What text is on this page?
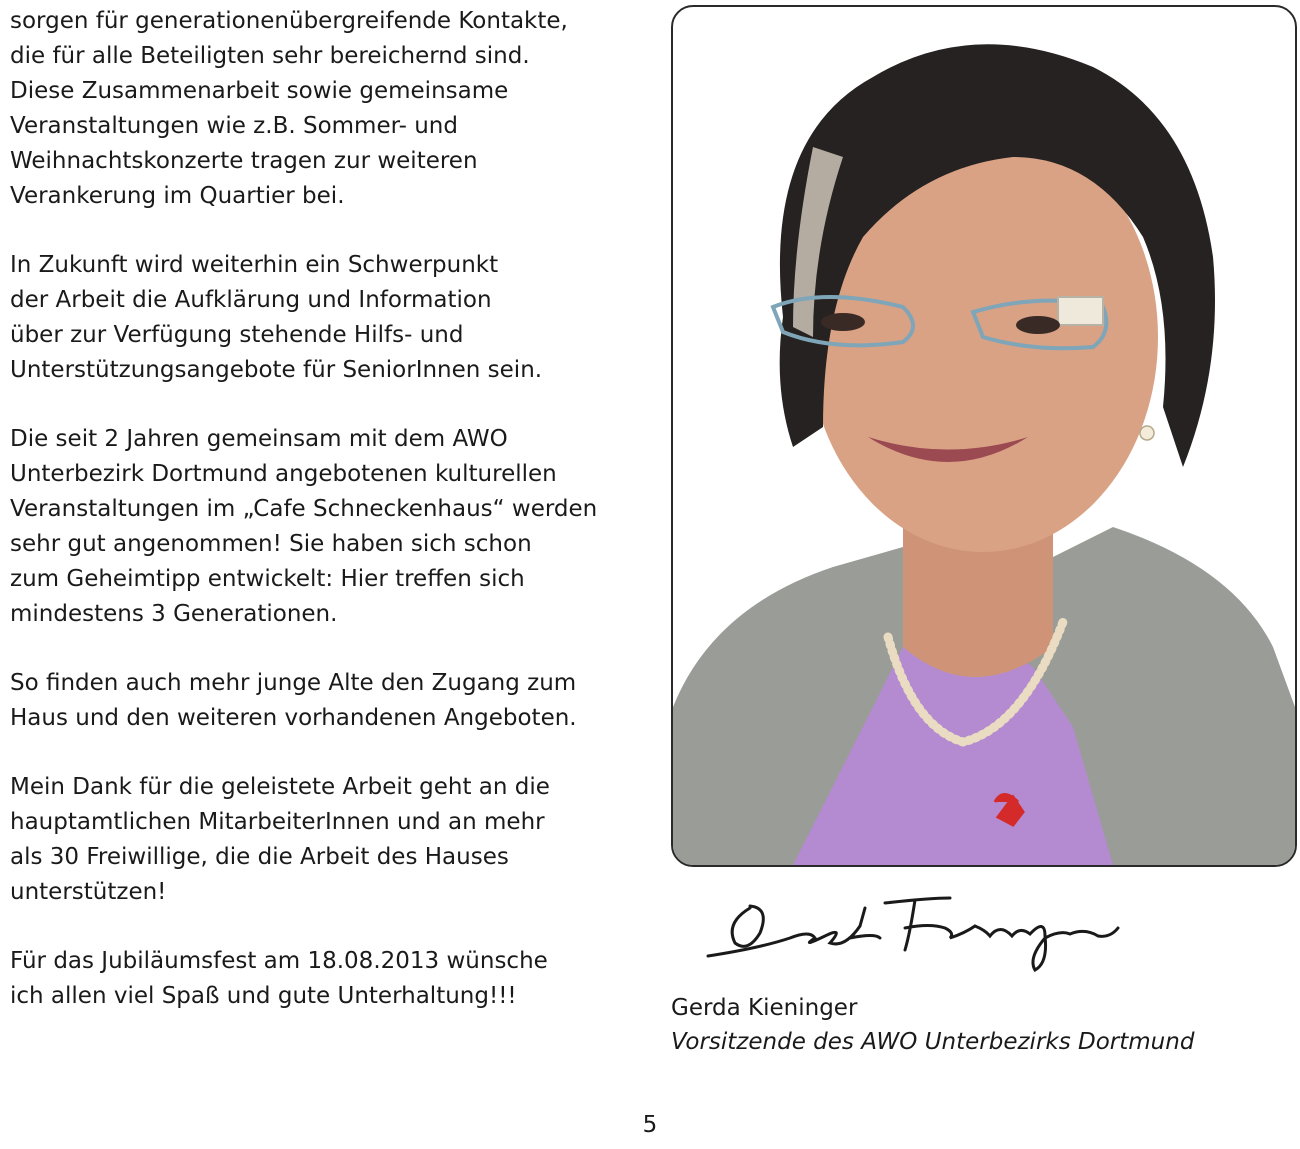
sorgen für generationenübergreifende Kontakte,
die für alle Beteiligten sehr bereichernd sind.
Diese Zusammenarbeit sowie gemeinsame
Veranstaltungen wie z.B. Sommer- und
Weihnachtskonzerte tragen zur weiteren
Verankerung im Quartier bei.
In Zukunft wird weiterhin ein Schwerpunkt
der Arbeit die Aufklärung und Information
über zur Verfügung stehende Hilfs- und
Unterstützungsangebote für SeniorInnen sein.
Die seit 2 Jahren gemeinsam mit dem AWO
Unterbezirk Dortmund angebotenen kulturellen
Veranstaltungen im „Cafe Schneckenhaus“ werden
sehr gut angenommen! Sie haben sich schon
zum Geheimtipp entwickelt: Hier treffen sich
mindestens 3 Generationen.
So finden auch mehr junge Alte den Zugang zum
Haus und den weiteren vorhandenen Angeboten.
Mein Dank für die geleistete Arbeit geht an die
hauptamtlichen MitarbeiterInnen und an mehr
als 30 Freiwillige, die die Arbeit des Hauses
unterstützen!
Für das Jubiläumsfest am 18.08.2013 wünsche
ich allen viel Spaß und gute Unterhaltung!!!	Gerda Kieninger
Vorsitzende des AWO Unterbezirks Dortmund
5
